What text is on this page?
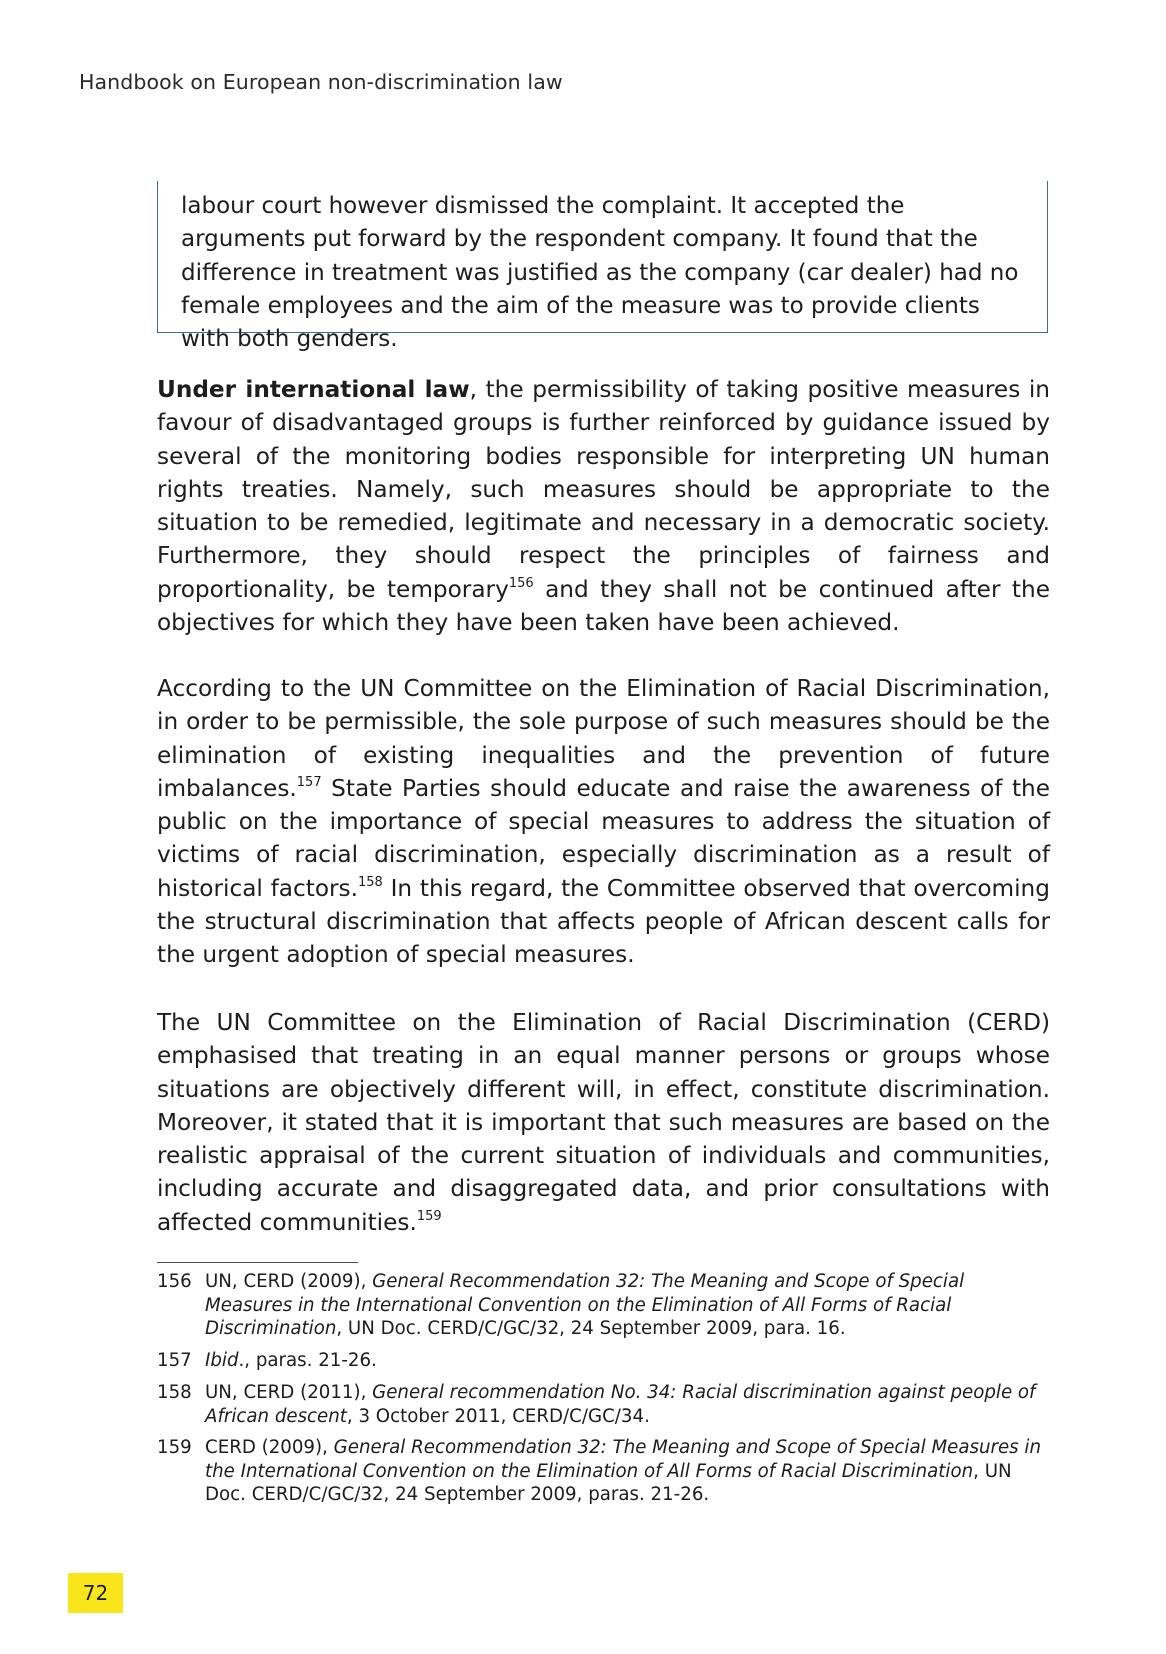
Handbook on European non-discrimination law

labour court however dismissed the complaint. It accepted the arguments put forward by the respondent company. It found that the difference in treatment was justified as the company (car dealer) had no female employees and the aim of the measure was to provide clients with both genders.

Under international law, the permissibility of taking positive measures in favour of disadvantaged groups is further reinforced by guidance issued by several of the monitoring bodies responsible for interpreting UN human rights treaties. Namely, such measures should be appropriate to the situation to be remedied, legitimate and necessary in a democratic society. Furthermore, they should respect the principles of fairness and proportionality, be temporary$^{156}$ and they shall not be continued after the objectives for which they have been taken have been achieved.

According to the UN Committee on the Elimination of Racial Discrimination, in order to be permissible, the sole purpose of such measures should be the elimination of existing inequalities and the prevention of future imbalances.$^{157}$ State Parties should educate and raise the awareness of the public on the importance of special measures to address the situation of victims of racial discrimination, especially discrimination as a result of historical factors.$^{158}$ In this regard, the Committee observed that overcoming the structural discrimination that affects people of African descent calls for the urgent adoption of special measures.

The UN Committee on the Elimination of Racial Discrimination (CERD) emphasised that treating in an equal manner persons or groups whose situations are objectively different will, in effect, constitute discrimination. Moreover, it stated that it is important that such measures are based on the realistic appraisal of the current situation of individuals and communities, including accurate and disaggregated data, and prior consultations with affected communities.$^{159}$

156 UN, CERD (2009), General Recommendation 32: The Meaning and Scope of Special Measures in the International Convention on the Elimination of All Forms of Racial Discrimination, UN Doc. CERD/C/GC/32, 24 September 2009, para. 16.
157 Ibid., paras. 21-26.
158 UN, CERD (2011), General recommendation No. 34: Racial discrimination against people of African descent, 3 October 2011, CERD/C/GC/34.
159 CERD (2009), General Recommendation 32: The Meaning and Scope of Special Measures in the International Convention on the Elimination of All Forms of Racial Discrimination, UN Doc. CERD/C/GC/32, 24 September 2009, paras. 21-26.
72
